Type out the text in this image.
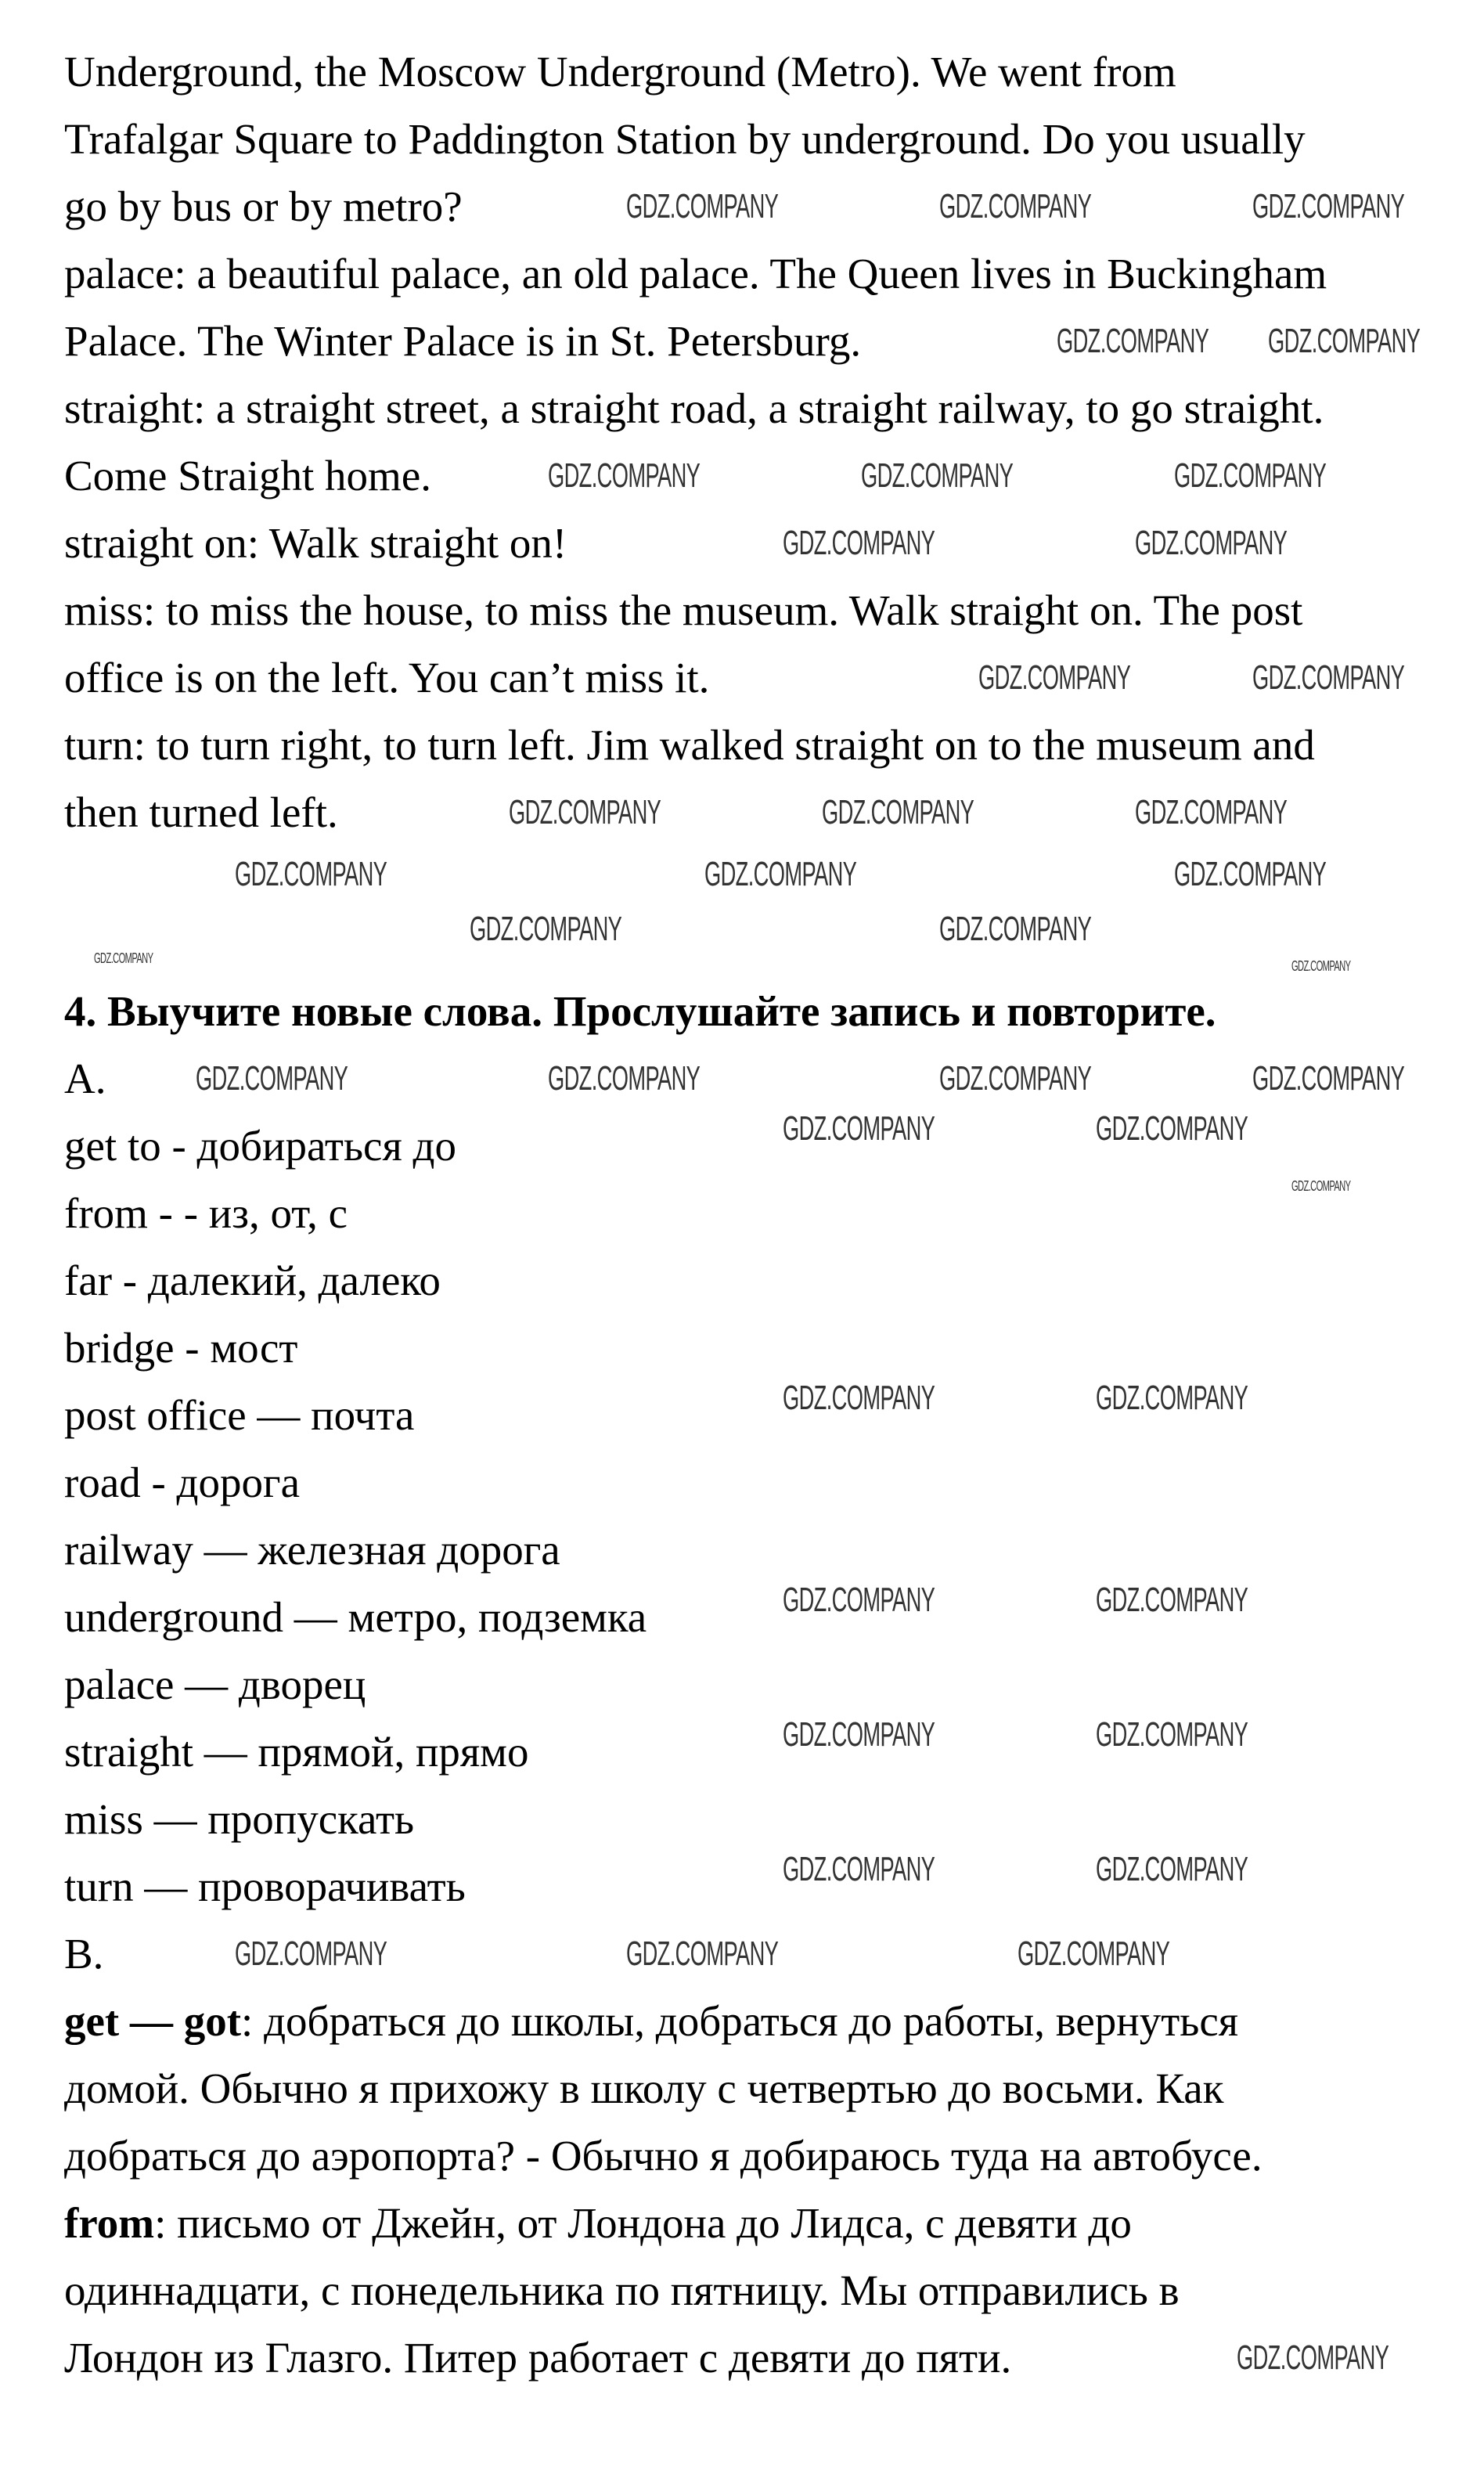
Underground, the Moscow Underground (Metro). We went from
Trafalgar Square to Paddington Station by underground. Do you usually
go by bus or by metro?
palace: a beautiful palace, an old palace. The Queen lives in Buckingham
Palace. The Winter Palace is in St. Petersburg.
straight: a straight street, a straight road, a straight railway, to go straight.
Come Straight home.
straight on: Walk straight on!
miss: to miss the house, to miss the museum. Walk straight on. The post
office is on the left. You can’t miss it.
turn: to turn right, to turn left. Jim walked straight on to the museum and
then turned left.
4. Выучите новые слова. Прослушайте запись и повторите.
A.
get to - добираться до
from - - из, от, с
far - далекий, далеко
bridge - мост
post office — почта
road - дорога
railway — железная дорога
underground — метро, подземка
palace — дворец
straight — прямой, прямо
miss — пропускать
turn — проворачивать
B.
get — got: добраться до школы, добраться до работы, вернуться
домой. Обычно я прихожу в школу с четвертью до восьми. Как
добраться до аэропорта? - Обычно я добираюсь туда на автобусе.
from: письмо от Джейн, от Лондона до Лидса, с девяти до
одиннадцати, с понедельника по пятницу. Мы отправились в
Лондон из Глазго. Питер работает с девяти до пяти.
GDZ.COMPANY	GDZ.COMPANY	GDZ.COMPANY
GDZ.COMPANY GDZ.COMPANY
GDZ.COMPANY	GDZ.COMPANY	GDZ.COMPANY
GDZ.COMPANY	GDZ.COMPANY
GDZ.COMPANY	GDZ.COMPANY
GDZ.COMPANY	GDZ.COMPANY	GDZ.COMPANY
GDZ.COMPANY	GDZ.COMPANY	GDZ.COMPANY
GDZ.COMPANY	GDZ.COMPANY
GDZ.COMPANY	GDZ.COMPANY	GDZ.COMPANY	GDZ.COMPANY
GDZ.COMPANY	GDZ.COMPANY
GDZ.COMPANY	GDZ.COMPANY
GDZ.COMPANY	GDZ.COMPANY
GDZ.COMPANY	GDZ.COMPANY
GDZ.COMPANY	GDZ.COMPANY
GDZ.COMPANY	GDZ.COMPANY	GDZ.COMPANY
GDZ.COMPANY
GDZ.COMPANY	GDZ.COMPANY
GDZ.COMPANY
